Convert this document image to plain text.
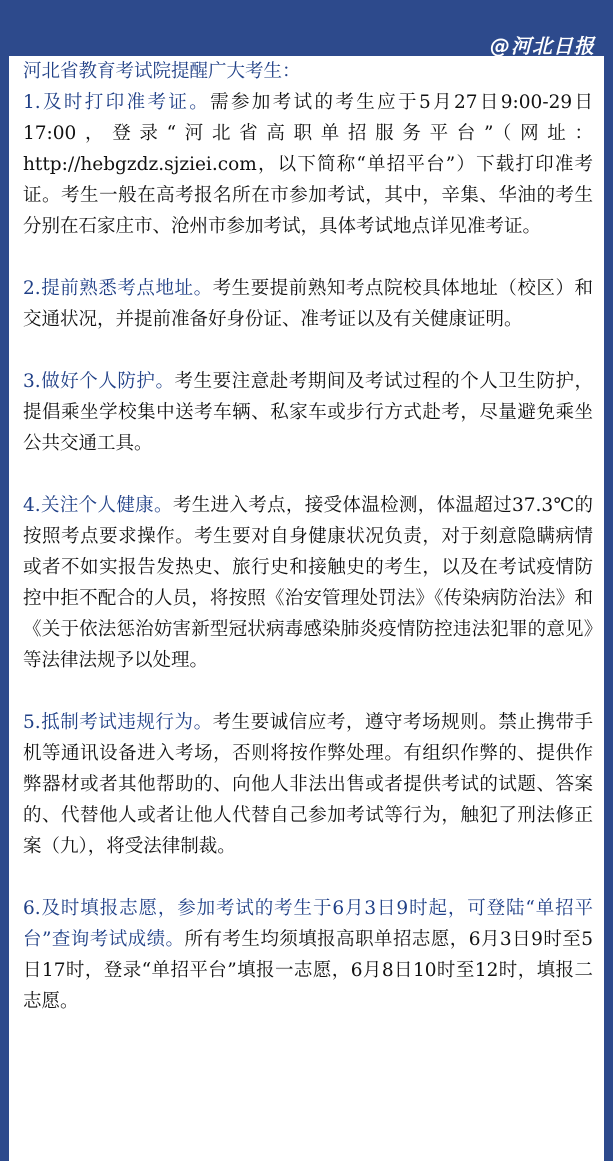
@河北日报

河北省教育考试院提醒广大考生：

1.及时打印准考证。需参加考试的考生应于5月27日9:00-29日17:00，登录“河北省高职单招服务平台”（网址：http://hebgzdz.sjziei.com，以下简称“单招平台”）下载打印准考证。考生一般在高考报名所在市参加考试，其中，辛集、华油的考生分别在石家庄市、沧州市参加考试，具体考试地点详见准考证。

2.提前熟悉考点地址。考生要提前熟知考点院校具体地址（校区）和交通状况，并提前准备好身份证、准考证以及有关健康证明。

3.做好个人防护。考生要注意赴考期间及考试过程的个人卫生防护，提倡乘坐学校集中送考车辆、私家车或步行方式赴考，尽量避免乘坐公共交通工具。

4.关注个人健康。考生进入考点，接受体温检测，体温超过37.3℃的按照考点要求操作。考生要对自身健康状况负责，对于刻意隐瞒病情或者不如实报告发热史、旅行史和接触史的考生，以及在考试疫情防控中拒不配合的人员，将按照《治安管理处罚法》《传染病防治法》和《关于依法惩治妨害新型冠状病毒感染肺炎疫情防控违法犯罪的意见》等法律法规予以处理。

5.抵制考试违规行为。考生要诚信应考，遵守考场规则。禁止携带手机等通讯设备进入考场，否则将按作弊处理。有组织作弊的、提供作弊器材或者其他帮助的、向他人非法出售或者提供考试的试题、答案的、代替他人或者让他人代替自己参加考试等行为，触犯了刑法修正案（九），将受法律制裁。

6.及时填报志愿，参加考试的考生于6月3日9时起，可登陆“单招平台”查询考试成绩。所有考生均须填报高职单招志愿，6月3日9时至5日17时，登录“单招平台”填报一志愿，6月8日10时至12时，填报二志愿。
